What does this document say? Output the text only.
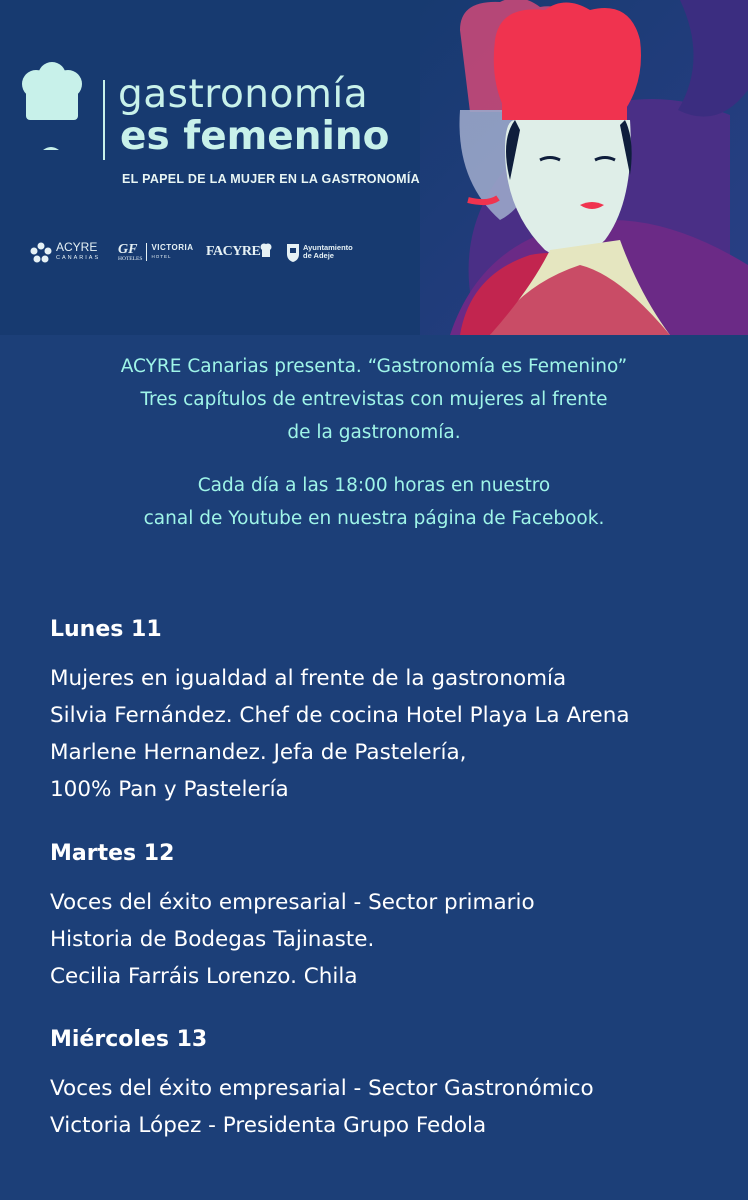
gastronomía
es femenino
EL PAPEL DE LA MUJER EN LA GASTRONOMÍA
ACYRE
CANARIAS
GF
HOTELES
VICTORIA
HOTEL	FACYRE	Ayuntamiento
de Adeje

ACYRE Canarias presenta. “Gastronomía es Femenino”

Tres capítulos de entrevistas con mujeres al frente

de la gastronomía.

Cada día a las 18:00 horas en nuestro

canal de Youtube en nuestra página de Facebook.

Lunes 11
Mujeres en igualdad al frente de la gastronomía
Silvia Fernández. Chef de cocina Hotel Playa La Arena
Marlene Hernandez. Jefa de Pastelería,
100% Pan y Pastelería
Martes 12
Voces del éxito empresarial - Sector primario
Historia de Bodegas Tajinaste.
Cecilia Farráis Lorenzo. Chila
Miércoles 13
Voces del éxito empresarial - Sector Gastronómico
Victoria López - Presidenta Grupo Fedola
